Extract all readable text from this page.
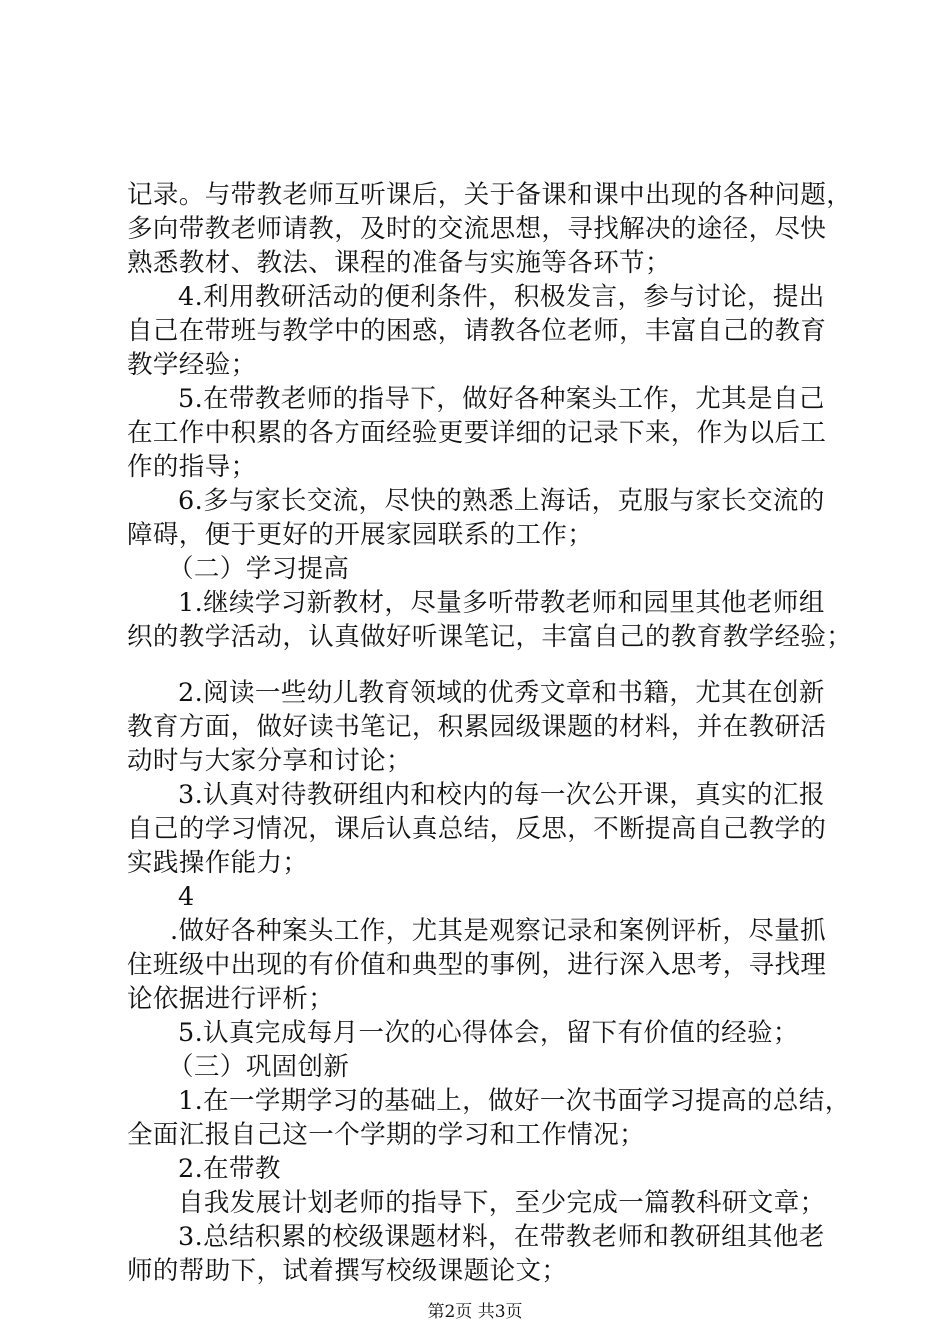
记录。与带教老师互听课后，关于备课和课中出现的各种问题，
多向带教老师请教，及时的交流思想，寻找解决的途径，尽快
熟悉教材、教法、课程的准备与实施等各环节；
4.利用教研活动的便利条件，积极发言，参与讨论，提出
自己在带班与教学中的困惑，请教各位老师，丰富自己的教育
教学经验；
5.在带教老师的指导下，做好各种案头工作，尤其是自己
在工作中积累的各方面经验更要详细的记录下来，作为以后工
作的指导；
6.多与家长交流，尽快的熟悉上海话，克服与家长交流的
障碍，便于更好的开展家园联系的工作；
（二）学习提高
1.继续学习新教材，尽量多听带教老师和园里其他老师组
织的教学活动，认真做好听课笔记，丰富自己的教育教学经验；
2.阅读一些幼儿教育领域的优秀文章和书籍，尤其在创新
教育方面，做好读书笔记，积累园级课题的材料，并在教研活
动时与大家分享和讨论；
3.认真对待教研组内和校内的每一次公开课，真实的汇报
自己的学习情况，课后认真总结，反思，不断提高自己教学的
实践操作能力；
4
.做好各种案头工作，尤其是观察记录和案例评析，尽量抓
住班级中出现的有价值和典型的事例，进行深入思考，寻找理
论依据进行评析；
5.认真完成每月一次的心得体会，留下有价值的经验；
（三）巩固创新
1.在一学期学习的基础上，做好一次书面学习提高的总结，
全面汇报自己这一个学期的学习和工作情况；
2.在带教
自我发展计划老师的指导下，至少完成一篇教科研文章；
3.总结积累的校级课题材料，在带教老师和教研组其他老
师的帮助下，试着撰写校级课题论文；
第2页 共3页
